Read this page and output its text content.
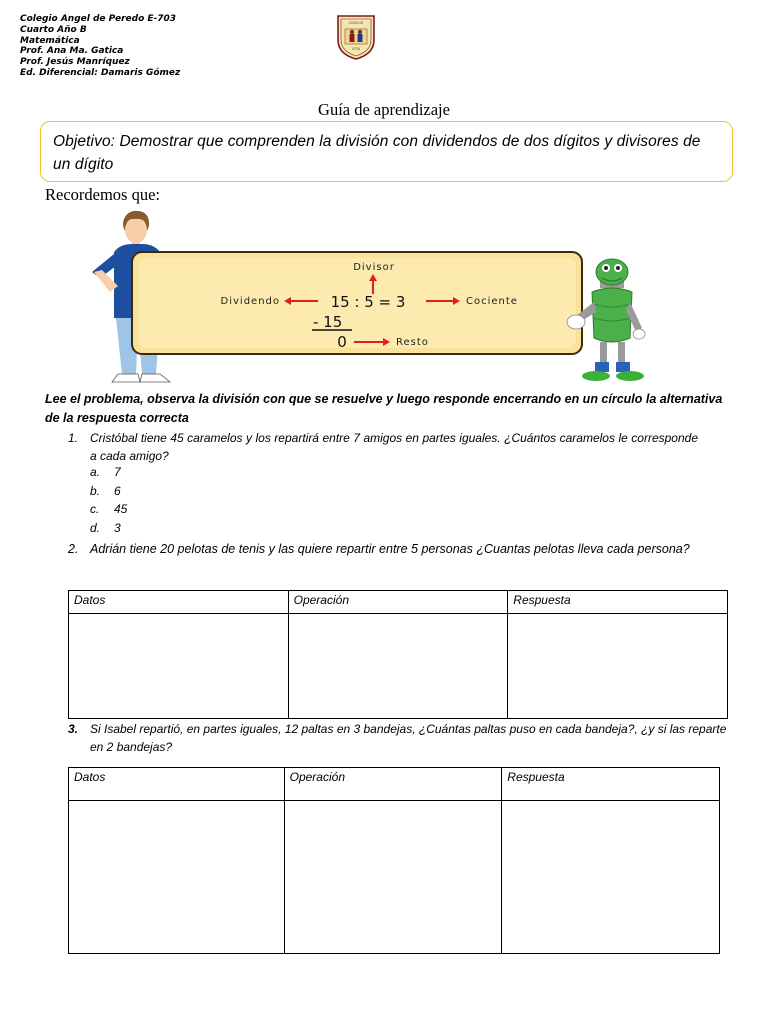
Colegio Angel de Peredo E-703
Cuarto Año B
Matemática
Prof. Ana Ma. Gatica
Prof. Jesús Manríquez
Ed. Diferencial: Damaris Gómez
COLEGIO
LOTA
Guía de aprendizaje
Objetivo: Demostrar que comprenden la división con dividendos de dos dígitos y divisores de un dígito
Recordemos que:
Divisor
Dividendo	15 : 5 = 3	Cociente
- 15
0	Resto
Lee el problema, observa la división con que se resuelve y luego responde encerrando en un círculo la alternativa de la respuesta correcta
1. Cristóbal tiene 45 caramelos y los repartirá entre 7 amigos en partes iguales. ¿Cuántos caramelos le corresponde a cada amigo?
a. 7
b. 6
c. 45
d. 3
2. Adrián tiene 20 pelotas de tenis y las quiere repartir entre 5 personas ¿Cuantas pelotas lleva cada persona?
Datos	Operación	Respuesta

3. Si Isabel repartió, en partes iguales, 12 paltas en 3 bandejas, ¿Cuántas paltas puso en cada bandeja?, ¿y si las reparte en 2 bandejas?
Datos	Operación	Respuesta
